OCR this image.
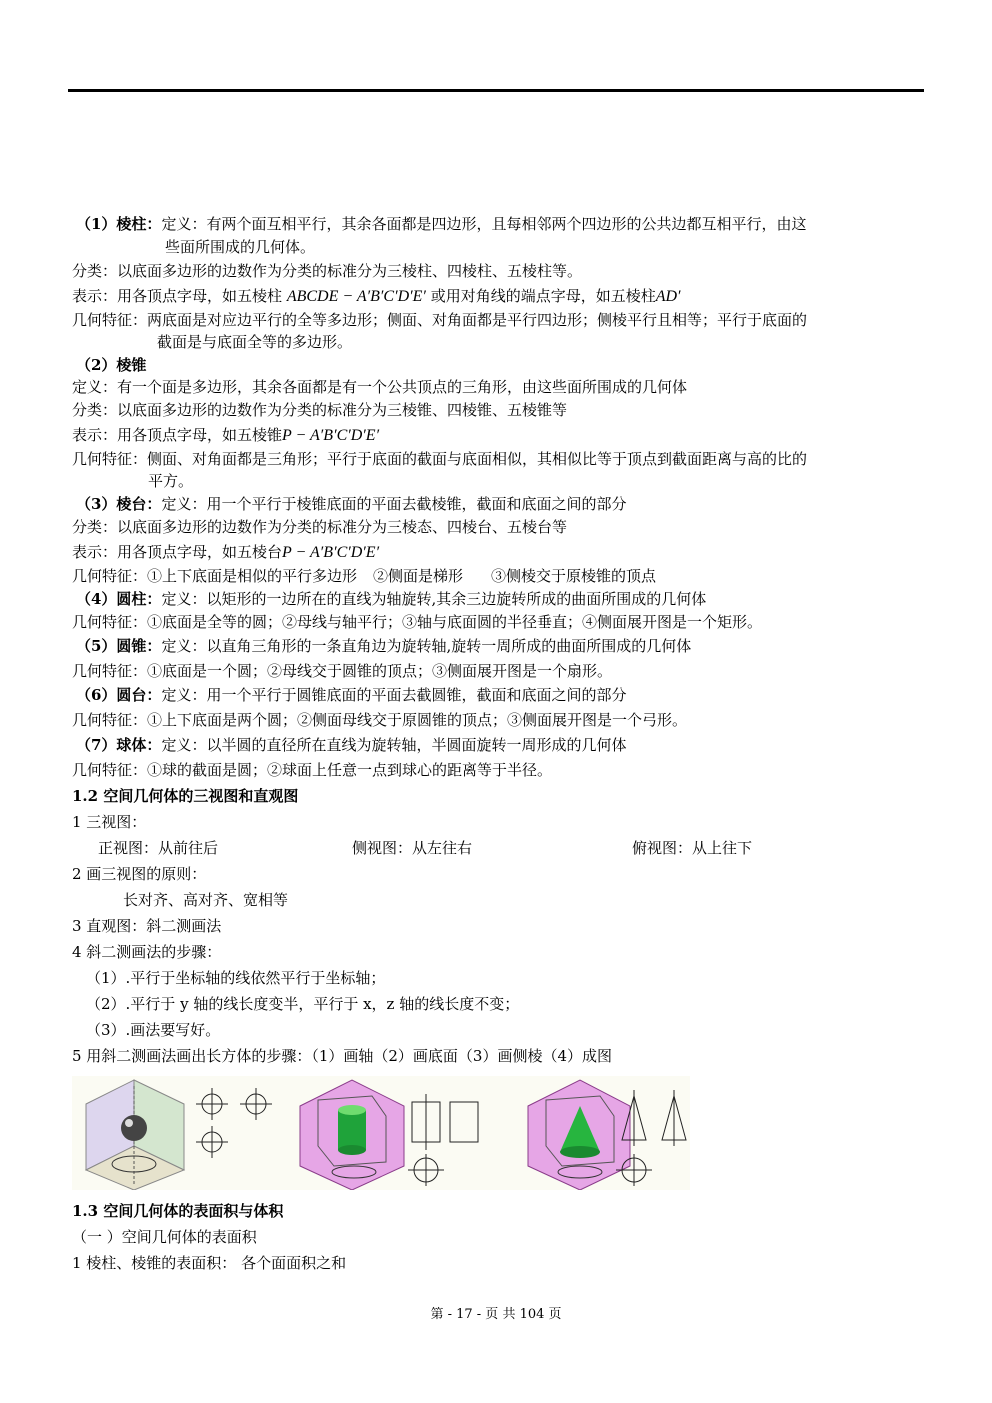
（1）棱柱：定义：有两个面互相平行，其余各面都是四边形，且每相邻两个四边形的公共边都互相平行，由这
些面所围成的几何体。
分类：以底面多边形的边数作为分类的标准分为三棱柱、四棱柱、五棱柱等。
表示：用各顶点字母，如五棱柱 ABCDE − A′B′C′D′E′ 或用对角线的端点字母，如五棱柱AD′
几何特征：两底面是对应边平行的全等多边形；侧面、对角面都是平行四边形；侧棱平行且相等；平行于底面的
截面是与底面全等的多边形。
（2）棱锥
定义：有一个面是多边形，其余各面都是有一个公共顶点的三角形，由这些面所围成的几何体
分类：以底面多边形的边数作为分类的标准分为三棱锥、四棱锥、五棱锥等
表示：用各顶点字母，如五棱锥P − A′B′C′D′E′
几何特征：侧面、对角面都是三角形；平行于底面的截面与底面相似，其相似比等于顶点到截面距离与高的比的
平方。
（3）棱台：定义：用一个平行于棱锥底面的平面去截棱锥，截面和底面之间的部分
分类：以底面多边形的边数作为分类的标准分为三棱态、四棱台、五棱台等
表示：用各顶点字母，如五棱台P − A′B′C′D′E′
几何特征：①上下底面是相似的平行多边形 ②侧面是梯形 ③侧棱交于原棱锥的顶点
（4）圆柱：定义：以矩形的一边所在的直线为轴旋转,其余三边旋转所成的曲面所围成的几何体
几何特征：①底面是全等的圆；②母线与轴平行；③轴与底面圆的半径垂直；④侧面展开图是一个矩形。
（5）圆锥：定义：以直角三角形的一条直角边为旋转轴,旋转一周所成的曲面所围成的几何体
几何特征：①底面是一个圆；②母线交于圆锥的顶点；③侧面展开图是一个扇形。
（6）圆台：定义：用一个平行于圆锥底面的平面去截圆锥，截面和底面之间的部分
几何特征：①上下底面是两个圆；②侧面母线交于原圆锥的顶点；③侧面展开图是一个弓形。
（7）球体：定义：以半圆的直径所在直线为旋转轴，半圆面旋转一周形成的几何体
几何特征：①球的截面是圆；②球面上任意一点到球心的距离等于半径。
1.2 空间几何体的三视图和直观图
1 三视图：
正视图：从前往后	侧视图：从左往右	俯视图：从上往下
2 画三视图的原则：
长对齐、高对齐、宽相等
3 直观图：斜二测画法
4 斜二测画法的步骤：
（1）.平行于坐标轴的线依然平行于坐标轴；
（2）.平行于 y 轴的线长度变半，平行于 x，z 轴的线长度不变；
（3）.画法要写好。
5 用斜二测画法画出长方体的步骤：（1）画轴（2）画底面（3）画侧棱（4）成图
1.3 空间几何体的表面积与体积
（一 ）空间几何体的表面积
1 棱柱、棱锥的表面积： 各个面面积之和
第 - 17 - 页 共 104 页
